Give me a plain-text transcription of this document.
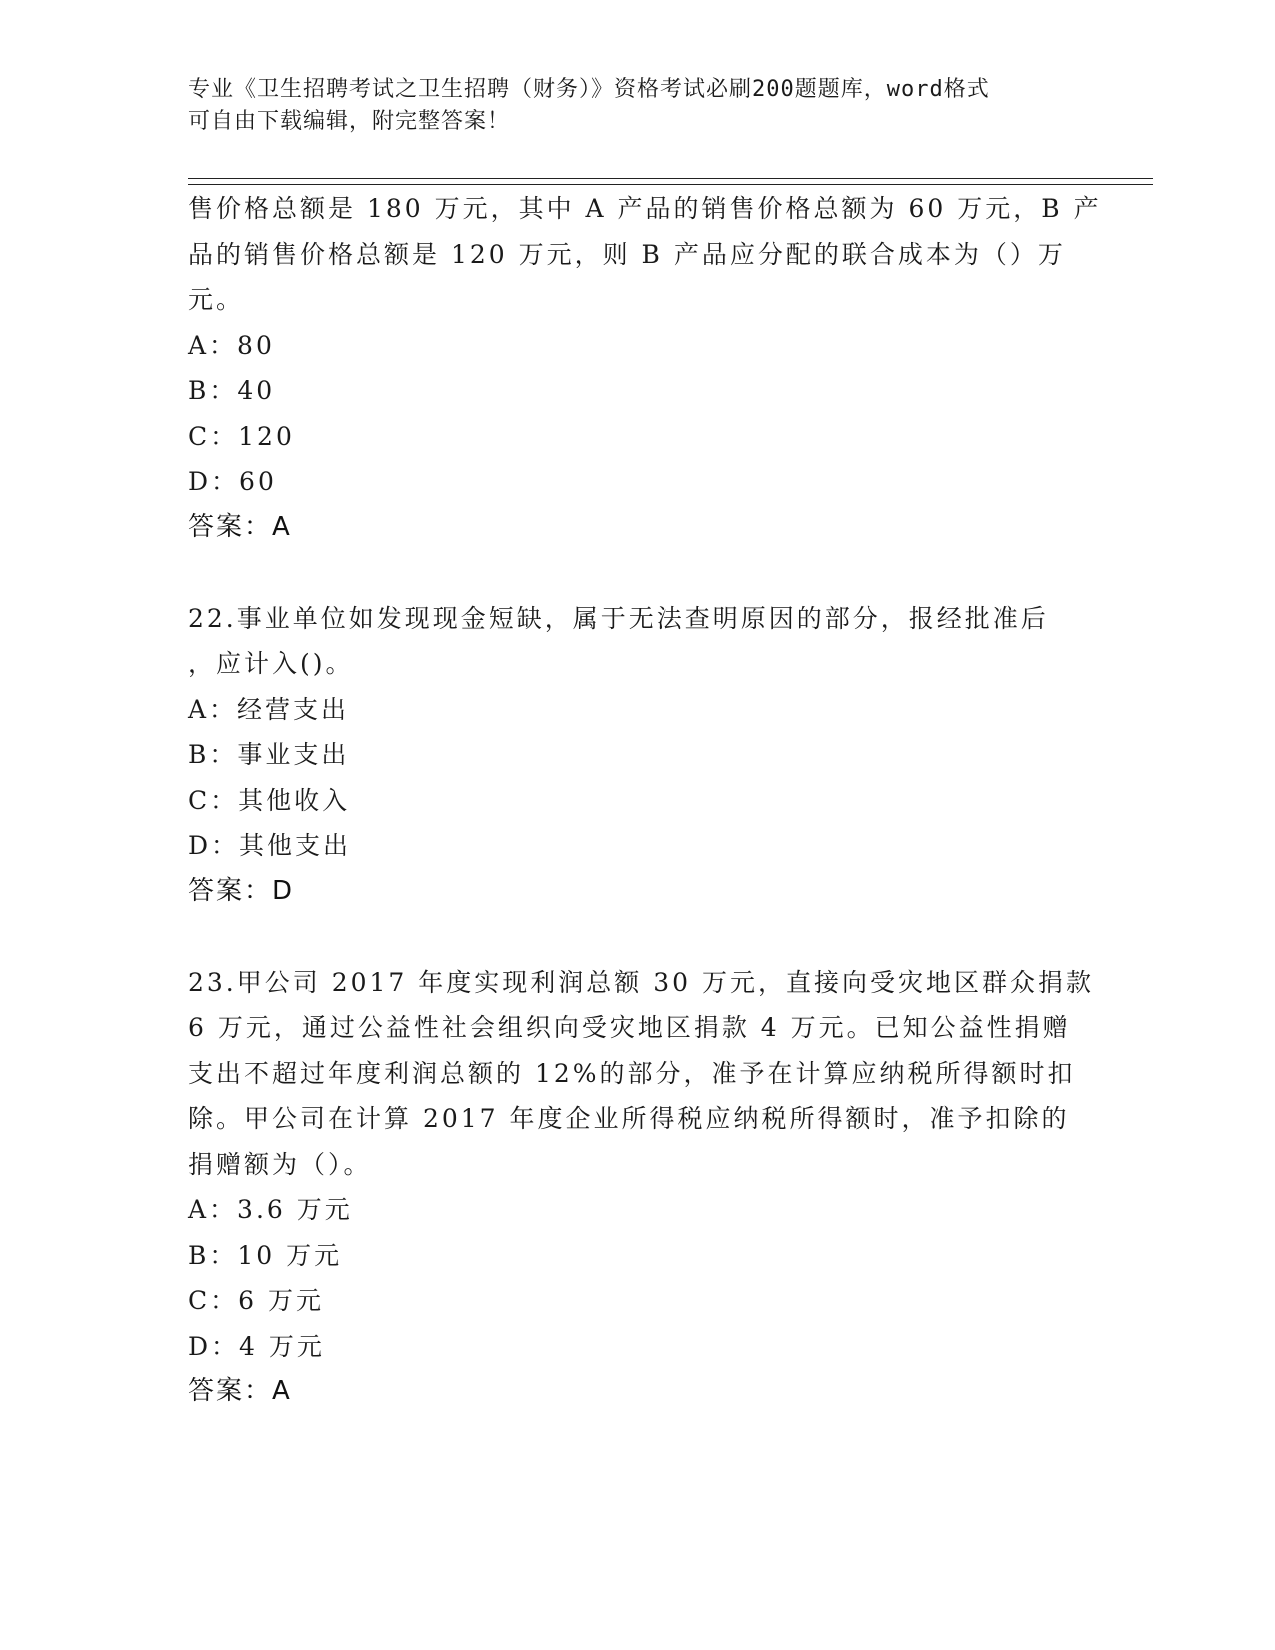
专业《卫生招聘考试之卫生招聘（财务）》资格考试必刷200题题库，word格式
可自由下载编辑，附完整答案！
售价格总额是 180 万元，其中 A 产品的销售价格总额为 60 万元，B 产
品的销售价格总额是 120 万元，则 B 产品应分配的联合成本为（）万
元。
A：80
B：40
C：120
D：60
答案：A
22.事业单位如发现现金短缺，属于无法查明原因的部分，报经批准后
，应计入()。
A：经营支出
B：事业支出
C：其他收入
D：其他支出
答案：D
23.甲公司 2017 年度实现利润总额 30 万元，直接向受灾地区群众捐款
6 万元，通过公益性社会组织向受灾地区捐款 4 万元。已知公益性捐赠
支出不超过年度利润总额的 12%的部分，准予在计算应纳税所得额时扣
除。甲公司在计算 2017 年度企业所得税应纳税所得额时，准予扣除的
捐赠额为（）。
A：3.6 万元
B：10 万元
C：6 万元
D：4 万元
答案：A
